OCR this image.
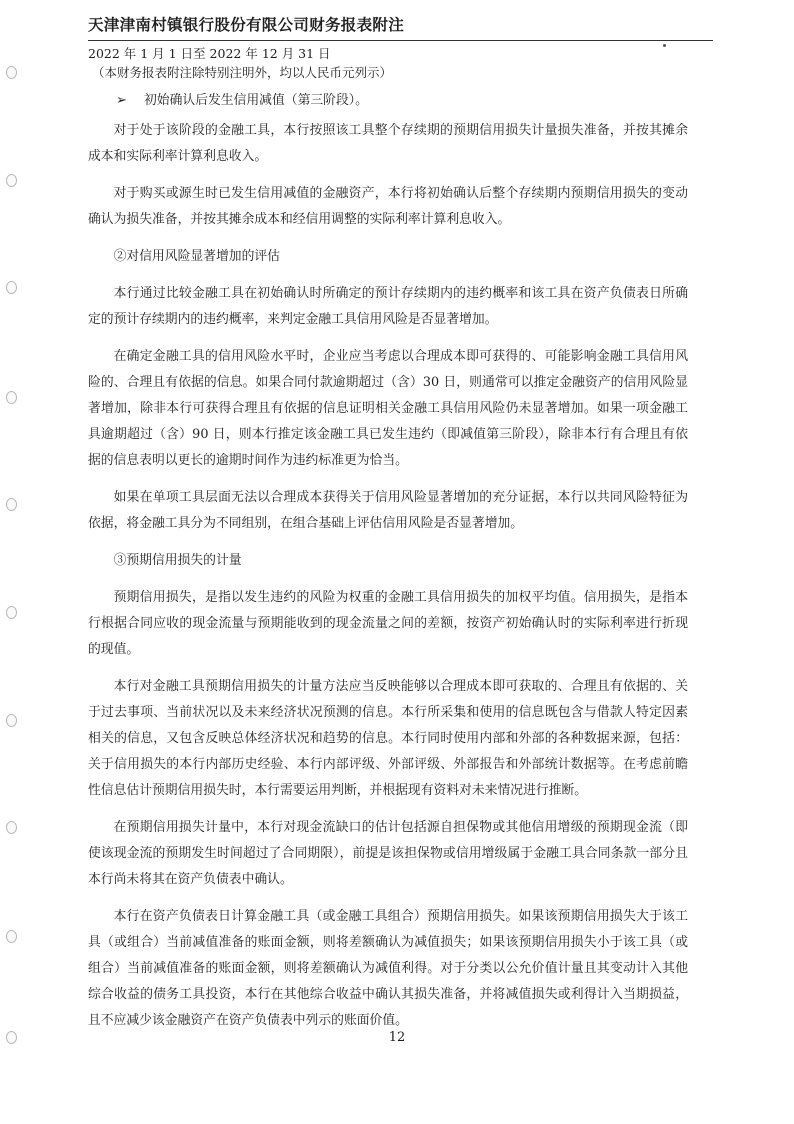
天津津南村镇银行股份有限公司财务报表附注
2022 年 1 月 1 日至 2022 年 12 月 31 日
（本财务报表附注除特别注明外，均以人民币元列示）

➢ 初始确认后发生信用减值（第三阶段）。

对于处于该阶段的金融工具，本行按照该工具整个存续期的预期信用损失计量损失准备，并按其摊余成本和实际利率计算利息收入。

对于购买或源生时已发生信用减值的金融资产，本行将初始确认后整个存续期内预期信用损失的变动确认为损失准备，并按其摊余成本和经信用调整的实际利率计算利息收入。

②对信用风险显著增加的评估

本行通过比较金融工具在初始确认时所确定的预计存续期内的违约概率和该工具在资产负债表日所确定的预计存续期内的违约概率，来判定金融工具信用风险是否显著增加。

在确定金融工具的信用风险水平时，企业应当考虑以合理成本即可获得的、可能影响金融工具信用风险的、合理且有依据的信息。如果合同付款逾期超过（含）30 日，则通常可以推定金融资产的信用风险显著增加，除非本行可获得合理且有依据的信息证明相关金融工具信用风险仍未显著增加。如果一项金融工具逾期超过（含）90 日，则本行推定该金融工具已发生违约（即减值第三阶段），除非本行有合理且有依据的信息表明以更长的逾期时间作为违约标准更为恰当。

如果在单项工具层面无法以合理成本获得关于信用风险显著增加的充分证据，本行以共同风险特征为依据，将金融工具分为不同组别，在组合基础上评估信用风险是否显著增加。

③预期信用损失的计量

预期信用损失，是指以发生违约的风险为权重的金融工具信用损失的加权平均值。信用损失，是指本行根据合同应收的现金流量与预期能收到的现金流量之间的差额，按资产初始确认时的实际利率进行折现的现值。

本行对金融工具预期信用损失的计量方法应当反映能够以合理成本即可获取的、合理且有依据的、关于过去事项、当前状况以及未来经济状况预测的信息。本行所采集和使用的信息既包含与借款人特定因素相关的信息，又包含反映总体经济状况和趋势的信息。本行同时使用内部和外部的各种数据来源，包括：关于信用损失的本行内部历史经验、本行内部评级、外部评级、外部报告和外部统计数据等。在考虑前瞻性信息估计预期信用损失时，本行需要运用判断，并根据现有资料对未来情况进行推断。

在预期信用损失计量中，本行对现金流缺口的估计包括源自担保物或其他信用增级的预期现金流（即使该现金流的预期发生时间超过了合同期限），前提是该担保物或信用增级属于金融工具合同条款一部分且本行尚未将其在资产负债表中确认。

本行在资产负债表日计算金融工具（或金融工具组合）预期信用损失。如果该预期信用损失大于该工具（或组合）当前减值准备的账面金额，则将差额确认为减值损失；如果该预期信用损失小于该工具（或组合）当前减值准备的账面金额，则将差额确认为减值利得。对于分类以公允价值计量且其变动计入其他综合收益的债务工具投资，本行在其他综合收益中确认其损失准备，并将减值损失或利得计入当期损益，且不应减少该金融资产在资产负债表中列示的账面价值。

12
